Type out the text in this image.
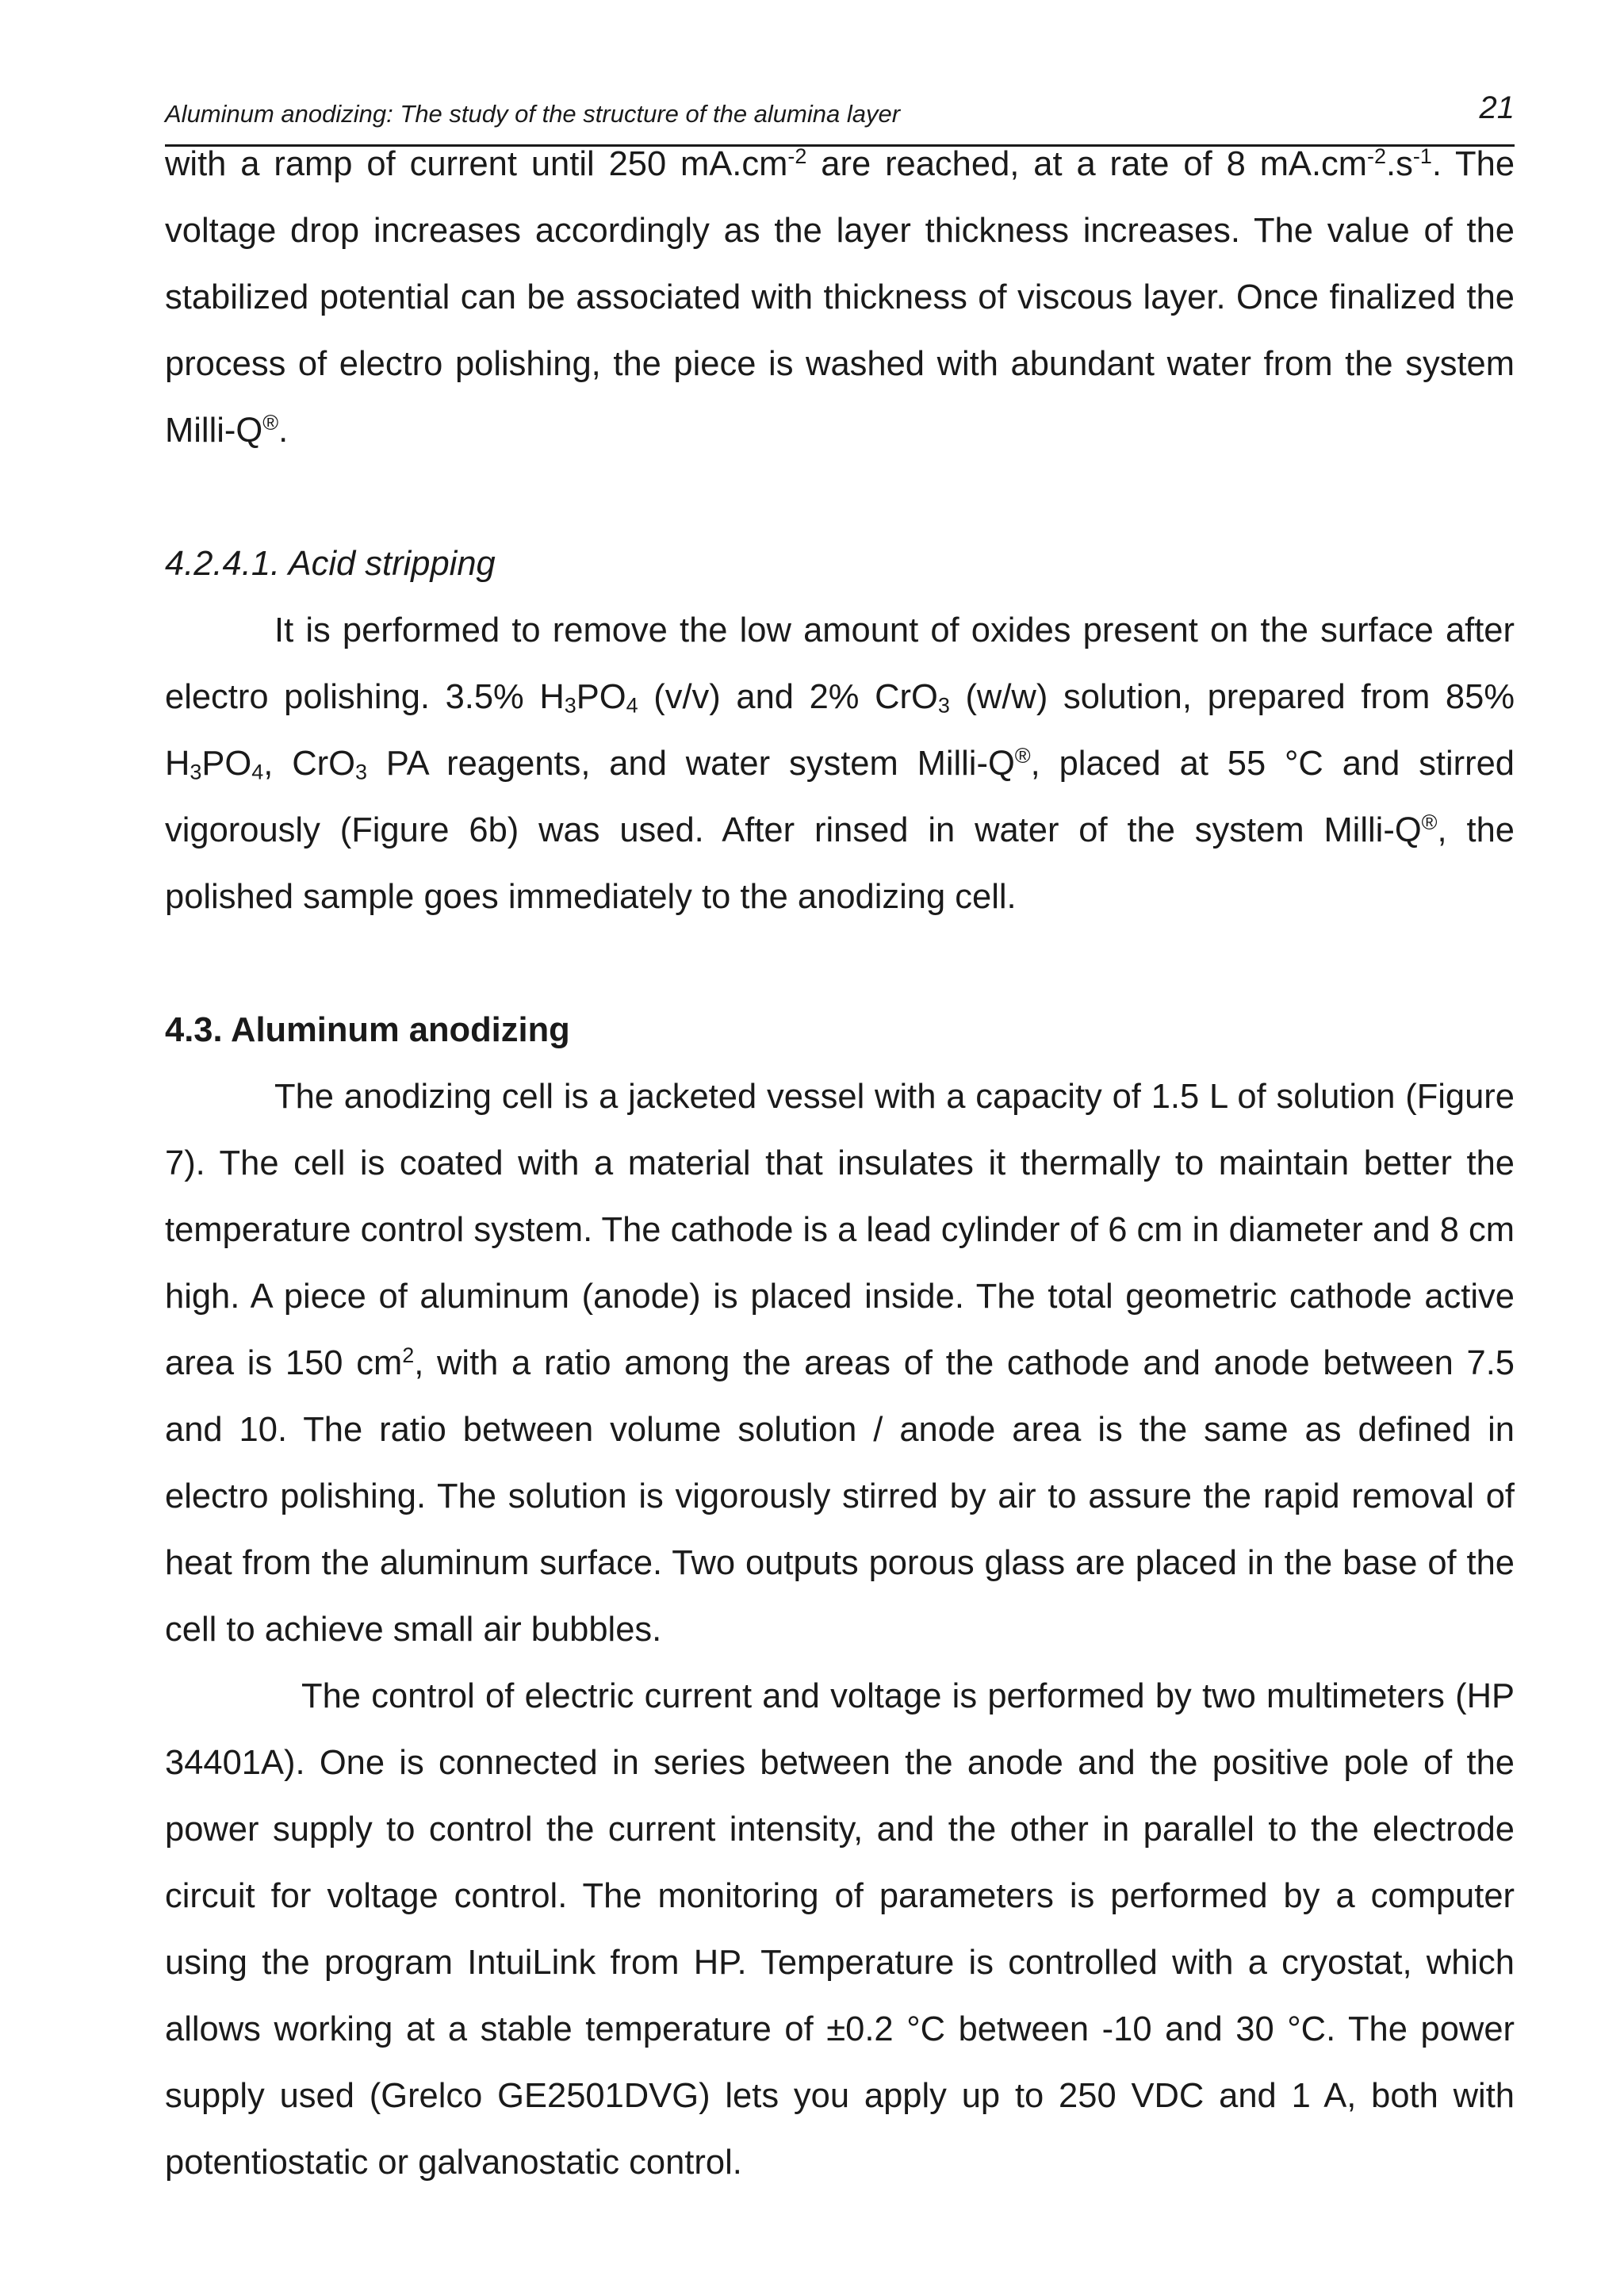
Aluminum anodizing: The study of the structure of the alumina layer	21

with a ramp of current until 250 $mA.cm^{-2}$ are reached, at a rate of 8 $mA.cm^{-2}.s^{-1}$. The voltage drop increases accordingly as the layer thickness increases. The value of the stabilized potential can be associated with thickness of viscous layer. Once finalized the process of electro polishing, the piece is washed with abundant water from the system Milli-Q®.

4.2.4.1. Acid stripping

It is performed to remove the low amount of oxides present on the surface after electro polishing. 3.5% $H_3PO_4$ (v/v) and 2% CrO$_3$ (w/w) solution, prepared from 85% $H_3PO_4$, CrO$_3$ PA reagents, and water system Milli-Q®, placed at 55 °C and stirred vigorously (Figure 6b) was used. After rinsed in water of the system Milli-Q®, the polished sample goes immediately to the anodizing cell.

4.3. Aluminum anodizing

The anodizing cell is a jacketed vessel with a capacity of 1.5 L of solution (Figure 7). The cell is coated with a material that insulates it thermally to maintain better the temperature control system. The cathode is a lead cylinder of 6 cm in diameter and 8 cm high. A piece of aluminum (anode) is placed inside. The total geometric cathode active area is 150 $cm^2$, with a ratio among the areas of the cathode and anode between 7.5 and 10. The ratio between volume solution / anode area is the same as defined in electro polishing. The solution is vigorously stirred by air to assure the rapid removal of heat from the aluminum surface. Two outputs porous glass are placed in the base of the cell to achieve small air bubbles.

The control of electric current and voltage is performed by two multimeters (HP 34401A). One is connected in series between the anode and the positive pole of the power supply to control the current intensity, and the other in parallel to the electrode circuit for voltage control. The monitoring of parameters is performed by a computer using the program IntuiLink from HP. Temperature is controlled with a cryostat, which allows working at a stable temperature of ±0.2 °C between -10 and 30 °C. The power supply used (Grelco GE2501DVG) lets you apply up to 250 VDC and 1 A, both with potentiostatic or galvanostatic control.
